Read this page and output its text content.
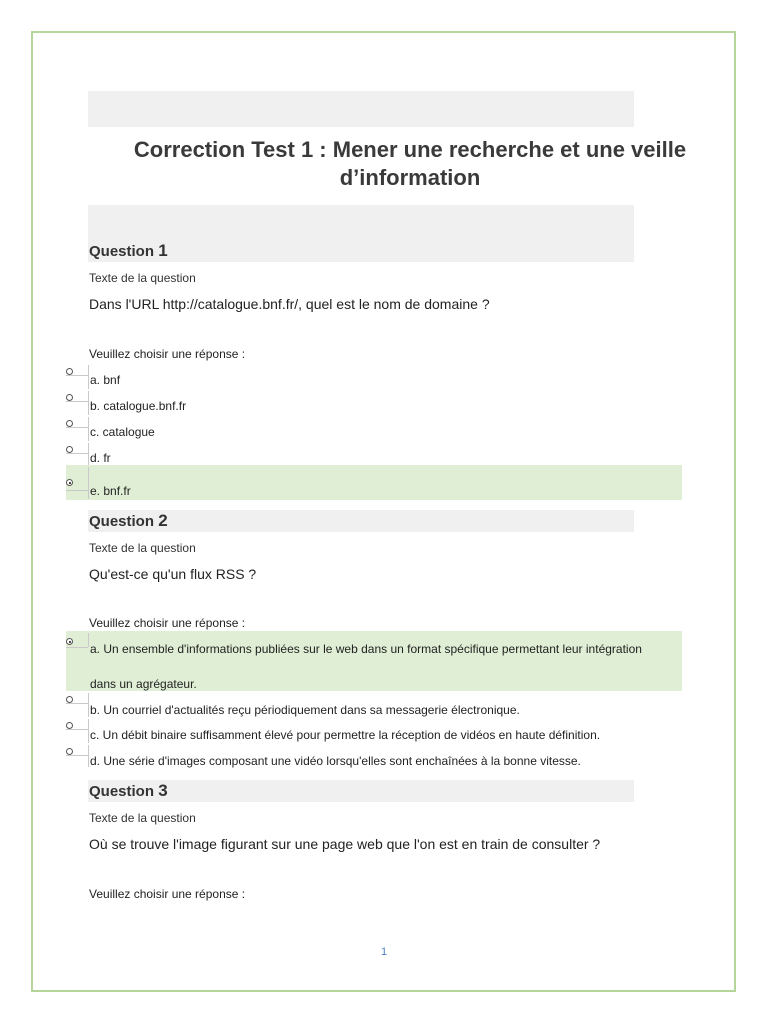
Correction Test 1 : Mener une recherche et une veille d’information
Question 1
Texte de la question
Dans l'URL http://catalogue.bnf.fr/, quel est le nom de domaine ?
Veuillez choisir une réponse :
a. bnf
b. catalogue.bnf.fr
c. catalogue
d. fr
e. bnf.fr
Question 2
Texte de la question
Qu'est-ce qu'un flux RSS ?
Veuillez choisir une réponse :
a. Un ensemble d'informations publiées sur le web dans un format spécifique permettant leur intégration
dans un agrégateur.
b. Un courriel d'actualités reçu périodiquement dans sa messagerie électronique.
c. Un débit binaire suffisamment élevé pour permettre la réception de vidéos en haute définition.
d. Une série d'images composant une vidéo lorsqu'elles sont enchaînées à la bonne vitesse.
Question 3
Texte de la question
Où se trouve l'image figurant sur une page web que l'on est en train de consulter ?
Veuillez choisir une réponse :
1
